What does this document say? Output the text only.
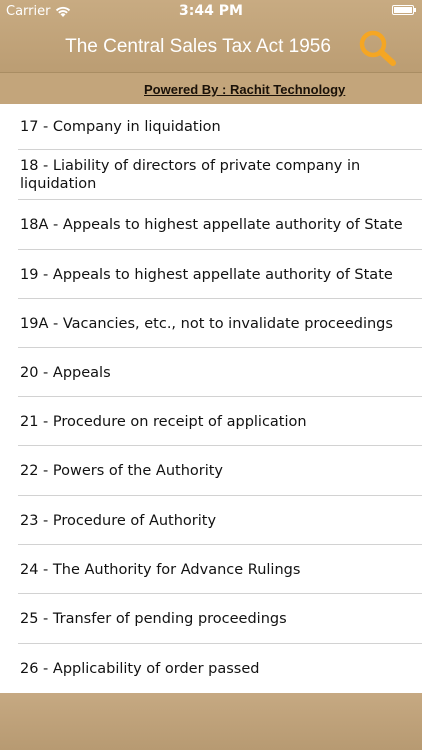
Carrier	3:44 PM
The Central Sales Tax Act 1956
Powered By : Rachit Technology
17 - Company in liquidation
18 - Liability of directors of private company in liquidation
18A - Appeals to highest appellate authority of State
19 - Appeals to highest appellate authority of State
19A - Vacancies, etc., not to invalidate proceedings
20 - Appeals
21 - Procedure on receipt of application
22 - Powers of the Authority
23 - Procedure of Authority
24 - The Authority for Advance Rulings
25 - Transfer of pending proceedings
26 - Applicability of order passed
